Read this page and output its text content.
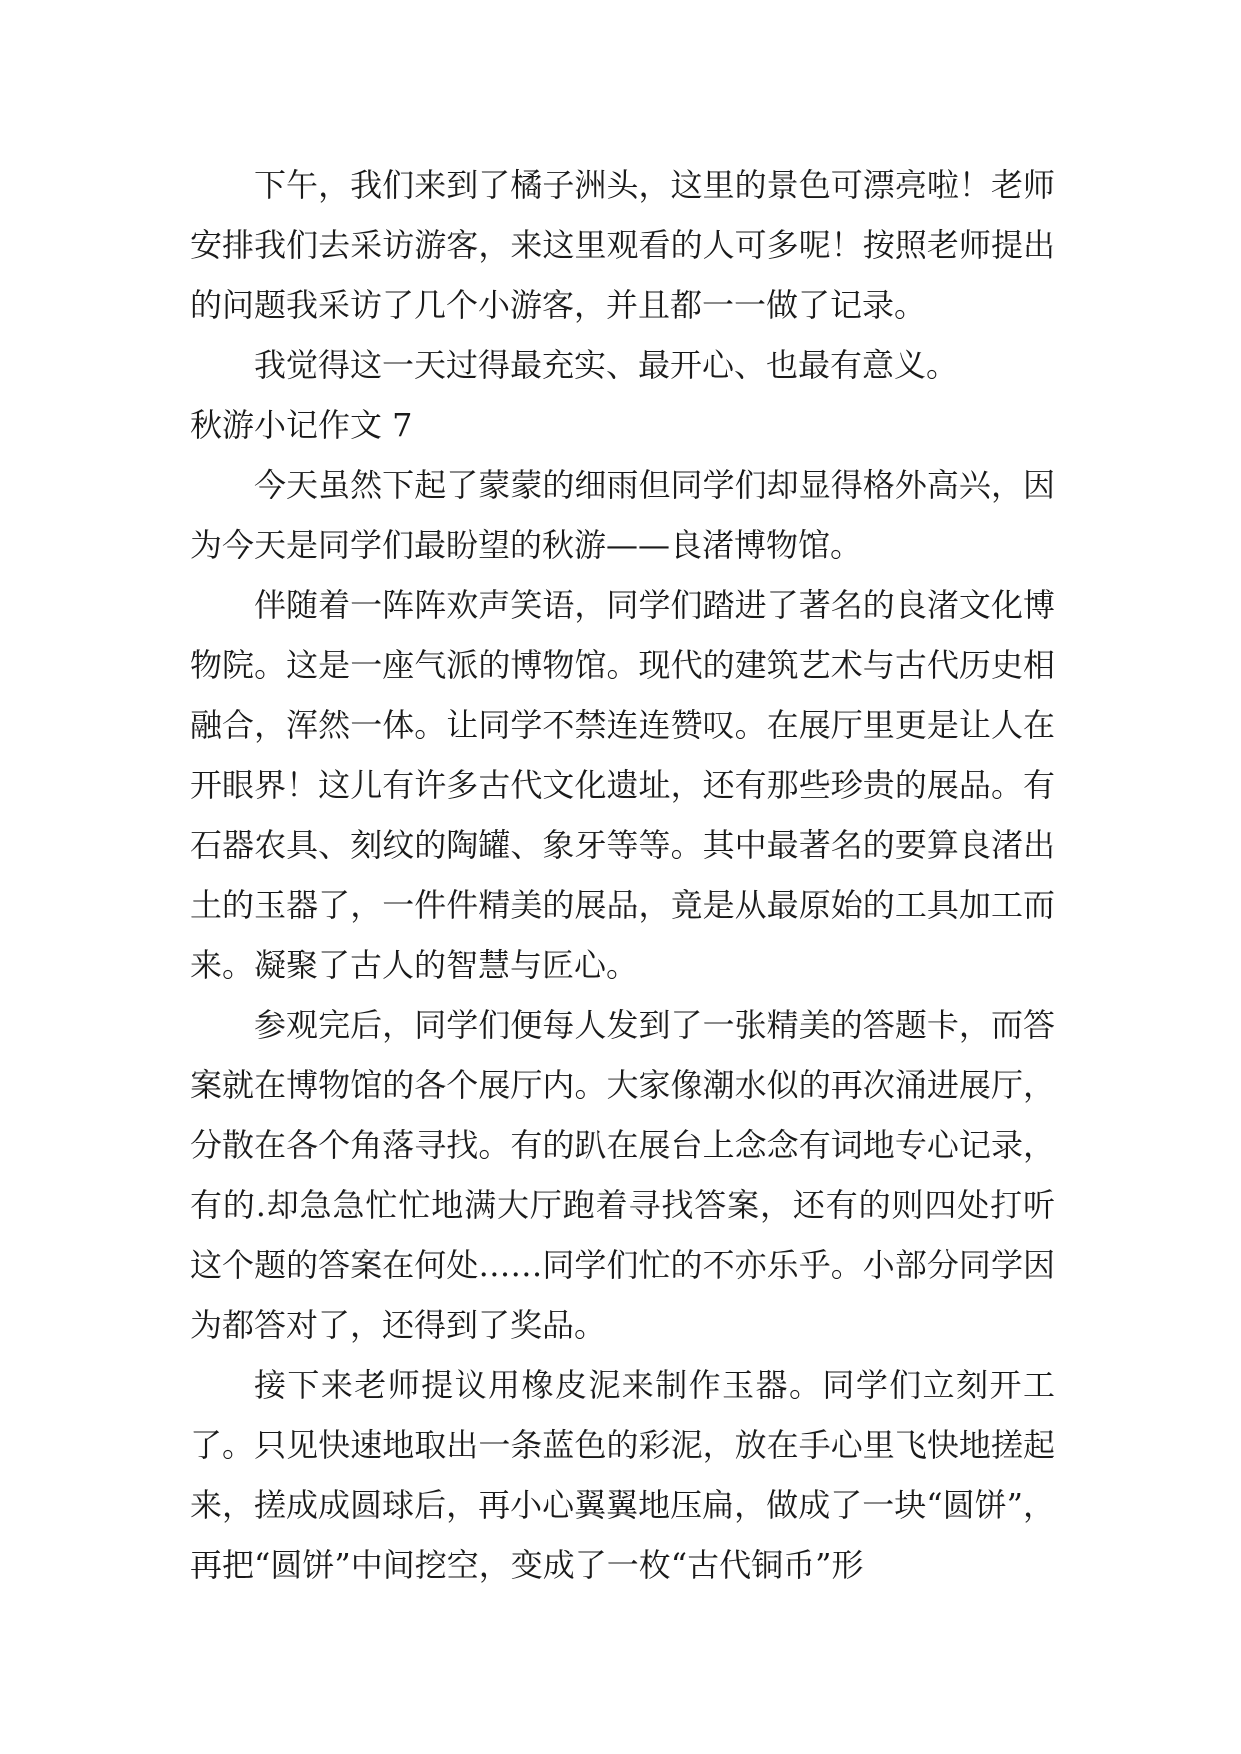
下午，我们来到了橘子洲头，这里的景色可漂亮啦！老师安排我们去采访游客，来这里观看的人可多呢！按照老师提出的问题我采访了几个小游客，并且都一一做了记录。

我觉得这一天过得最充实、最开心、也最有意义。

秋游小记作文 7

今天虽然下起了蒙蒙的细雨但同学们却显得格外高兴，因为今天是同学们最盼望的秋游——良渚博物馆。

伴随着一阵阵欢声笑语，同学们踏进了著名的良渚文化博物院。这是一座气派的博物馆。现代的建筑艺术与古代历史相融合，浑然一体。让同学不禁连连赞叹。在展厅里更是让人在开眼界！这儿有许多古代文化遗址，还有那些珍贵的展品。有石器农具、刻纹的陶罐、象牙等等。其中最著名的要算良渚出土的玉器了，一件件精美的展品，竟是从最原始的工具加工而来。凝聚了古人的智慧与匠心。

参观完后，同学们便每人发到了一张精美的答题卡，而答案就在博物馆的各个展厅内。大家像潮水似的再次涌进展厅，分散在各个角落寻找。有的趴在展台上念念有词地专心记录，有的.却急急忙忙地满大厅跑着寻找答案，还有的则四处打听这个题的答案在何处……同学们忙的不亦乐乎。小部分同学因为都答对了，还得到了奖品。

接下来老师提议用橡皮泥来制作玉器。同学们立刻开工了。只见快速地取出一条蓝色的彩泥，放在手心里飞快地搓起来，搓成成圆球后，再小心翼翼地压扁，做成了一块“圆饼”，再把“圆饼”中间挖空，变成了一枚“古代铜币”形
